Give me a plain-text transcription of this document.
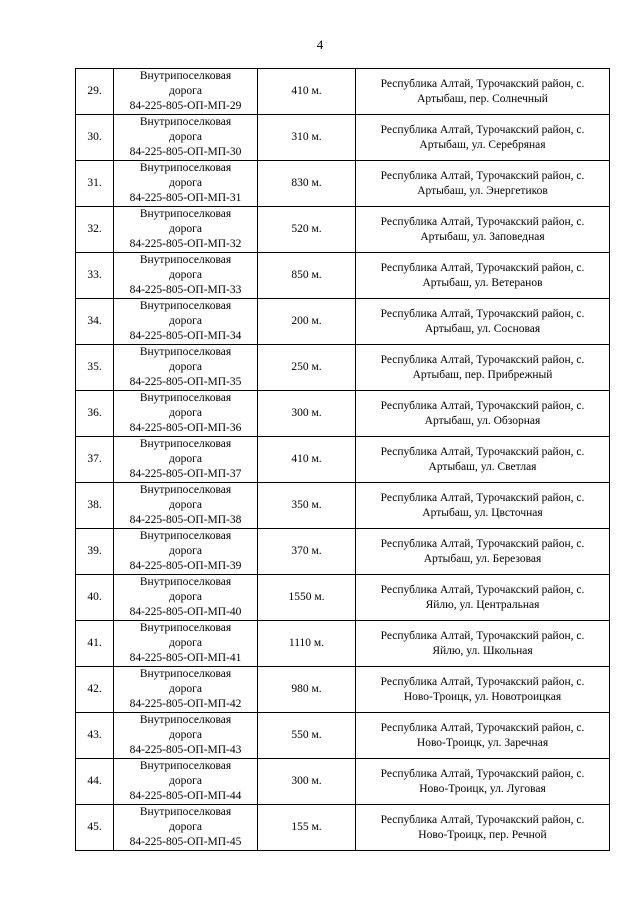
4
29.	Внутрипоселковая
дорога
84-225-805-ОП-МП-29	410 м.	Республика Алтай, Турочакский район, с.
Артыбаш, пер. Солнечный

30.	Внутрипоселковая
дорога
84-225-805-ОП-МП-30	310 м.	Республика Алтай, Турочакский район, с.
Артыбаш, ул. Серебряная

31.	Внутрипоселковая
дорога
84-225-805-ОП-МП-31	830 м.	Республика Алтай, Турочакский район, с.
Артыбаш, ул. Энергетиков

32.	Внутрипоселковая
дорога
84-225-805-ОП-МП-32	520 м.	Республика Алтай, Турочакский район, с.
Артыбаш, ул. Заповедная

33.	Внутрипоселковая
дорога
84-225-805-ОП-МП-33	850 м.	Республика Алтай, Турочакский район, с.
Артыбаш, ул. Ветеранов

34.	Внутрипоселковая
дорога
84-225-805-ОП-МП-34	200 м.	Республика Алтай, Турочакский район, с.
Артыбаш, ул. Сосновая

35.	Внутрипоселковая
дорога
84-225-805-ОП-МП-35	250 м.	Республика Алтай, Турочакский район, с.
Артыбаш, пер. Прибрежный

36.	Внутрипоселковая
дорога
84-225-805-ОП-МП-36	300 м.	Республика Алтай, Турочакский район, с.
Артыбаш, ул. Обзорная

37.	Внутрипоселковая
дорога
84-225-805-ОП-МП-37	410 м.	Республика Алтай, Турочакский район, с.
Артыбаш, ул. Светлая

38.	Внутрипоселковая
дорога
84-225-805-ОП-МП-38	350 м.	Республика Алтай, Турочакский район, с.
Артыбаш, ул. Цвсточная

39.	Внутрипоселковая
дорога
84-225-805-ОП-МП-39	370 м.	Республика Алтай, Турочакский район, с.
Артыбаш, ул. Березовая

40.	Внутрипоселковая
дорога
84-225-805-ОП-МП-40	1550 м.	Республика Алтай, Турочакский район, с.
Яйлю, ул. Центральная

41.	Внутрипоселковая
дорога
84-225-805-ОП-МП-41	1110 м.	Республика Алтай, Турочакский район, с.
Яйлю, ул. Школьная

42.	Внутрипоселковая
дорога
84-225-805-ОП-МП-42	980 м.	Республика Алтай, Турочакский район, с.
Ново-Троицк, ул. Новотроицкая

43.	Внутрипоселковая
дорога
84-225-805-ОП-МП-43	550 м.	Республика Алтай, Турочакский район, с.
Ново-Троицк, ул. Заречная

44.	Внутрипоселковая
дорога
84-225-805-ОП-МП-44	300 м.	Республика Алтай, Турочакский район, с.
Ново-Троицк, ул. Луговая

45.	Внутрипоселковая
дорога
84-225-805-ОП-МП-45	155 м.	Республика Алтай, Турочакский район, с.
Ново-Троицк, пер. Речной
